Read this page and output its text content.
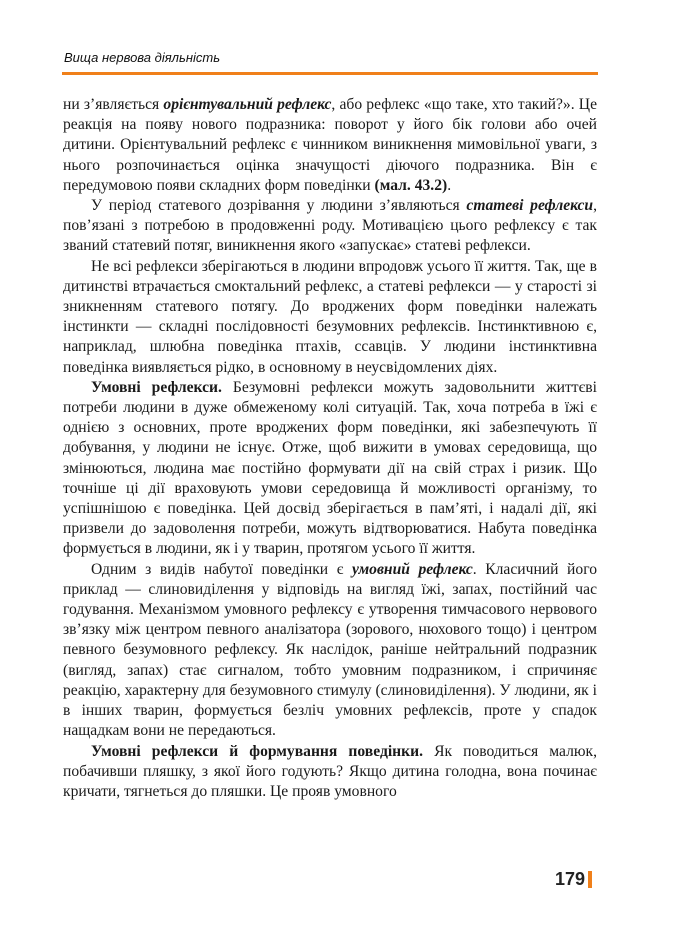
Вища нервова діяльність

ни з’являється орієнтувальний рефлекс, або рефлекс «що таке, хто такий?». Це реакція на появу нового подразника: поворот у його бік голови або очей дитини. Орієнтувальний рефлекс є чинником виникнення мимовільної уваги, з нього розпочинається оцінка значущості діючого подразника. Він є передумовою появи складних форм поведінки (мал. 43.2).

У період статевого дозрівання у людини з’являються статеві рефлекси, пов’язані з потребою в продовженні роду. Мотивацією цього рефлексу є так званий статевий потяг, виникнення якого «запускає» статеві рефлекси.

Не всі рефлекси зберігаються в людини впродовж усього її життя. Так, ще в дитинстві втрачається смоктальний рефлекс, а статеві рефлекси — у старості зі зникненням статевого потягу. До вроджених форм поведінки належать інстинкти — складні послідовності безумовних рефлексів. Інстинктивною є, наприклад, шлюбна поведінка птахів, ссавців. У людини інстинктивна поведінка виявляється рідко, в основному в неусвідомлених діях.

Умовні рефлекси. Безумовні рефлекси можуть задовольнити життєві потреби людини в дуже обмеженому колі ситуацій. Так, хоча потреба в їжі є однією з основних, проте вроджених форм поведінки, які забезпечують її добування, у людини не існує. Отже, щоб вижити в умовах середовища, що змінюються, людина має постійно формувати дії на свій страх і ризик. Що точніше ці дії враховують умови середовища й можливості організму, то успішнішою є поведінка. Цей досвід зберігається в пам’яті, і надалі дії, які призвели до задоволення потреби, можуть відтворюватися. Набута поведінка формується в людини, як і у тварин, протягом усього її життя.

Одним з видів набутої поведінки є умовний рефлекс. Класичний його приклад — слиновиділення у відповідь на вигляд їжі, запах, постійний час годування. Механізмом умовного рефлексу є утворення тимчасового нервового зв’язку між центром певного аналізатора (зорового, нюхового тощо) і центром певного безумовного рефлексу. Як наслідок, раніше нейтральний подразник (вигляд, запах) стає сигналом, тобто умовним подразником, і спричиняє реакцію, характерну для безумовного стимулу (слиновиділення). У людини, як і в інших тварин, формується безліч умовних рефлексів, проте у спадок нащадкам вони не передаються.

Умовні рефлекси й формування поведінки. Як поводиться малюк, побачивши пляшку, з якої його годують? Якщо дитина голодна, вона починає кричати, тягнеться до пляшки. Це прояв умовного

179
